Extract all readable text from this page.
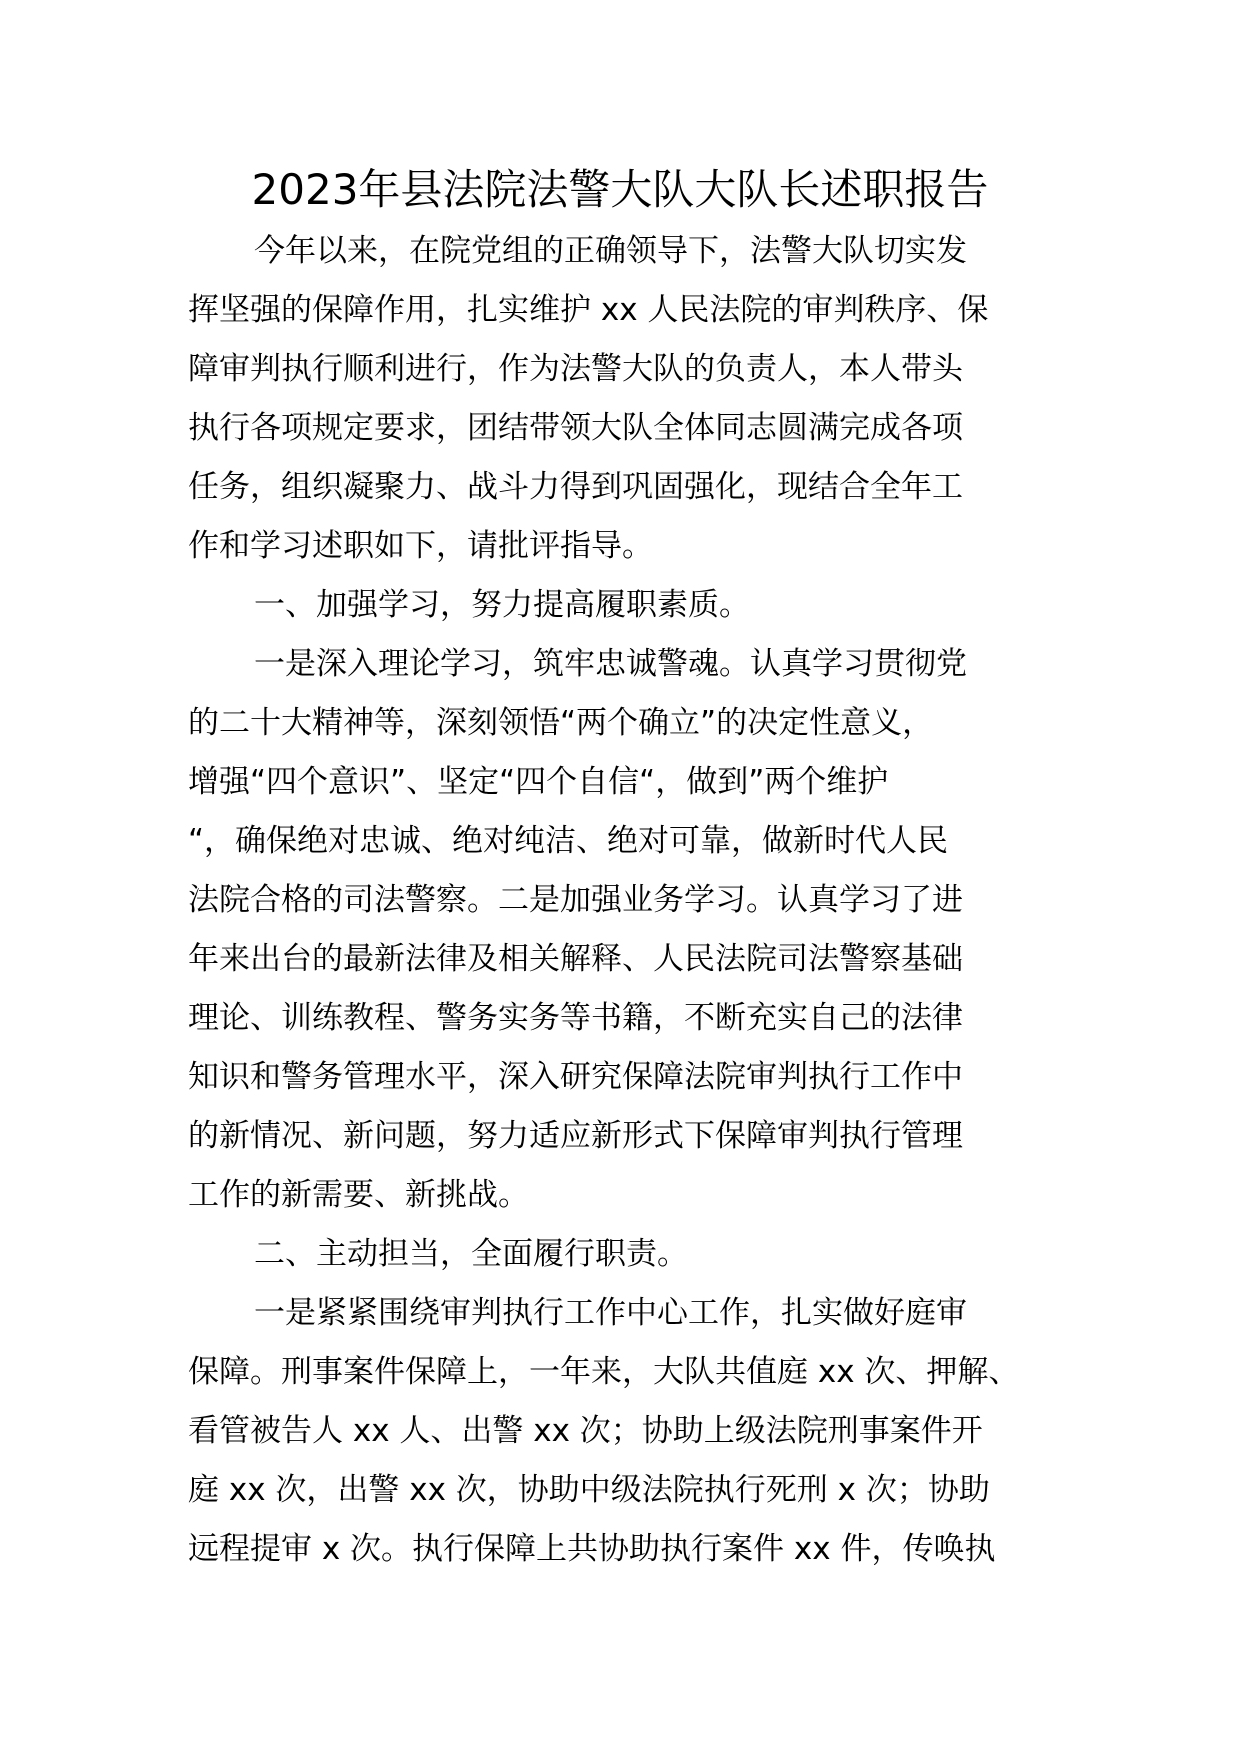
2023年县法院法警大队大队长述职报告
今年以来，在院党组的正确领导下，法警大队切实发
挥坚强的保障作用，扎实维护 xx 人民法院的审判秩序、保
障审判执行顺利进行，作为法警大队的负责人，本人带头
执行各项规定要求，团结带领大队全体同志圆满完成各项
任务，组织凝聚力、战斗力得到巩固强化，现结合全年工
作和学习述职如下，请批评指导。
一、加强学习，努力提高履职素质。
一是深入理论学习，筑牢忠诚警魂。认真学习贯彻党
的二十大精神等，深刻领悟“两个确立”的决定性意义，
增强“四个意识”、坚定“四个自信“，做到”两个维护
“，确保绝对忠诚、绝对纯洁、绝对可靠，做新时代人民
法院合格的司法警察。二是加强业务学习。认真学习了进
年来出台的最新法律及相关解释、人民法院司法警察基础
理论、训练教程、警务实务等书籍，不断充实自己的法律
知识和警务管理水平，深入研究保障法院审判执行工作中
的新情况、新问题，努力适应新形式下保障审判执行管理
工作的新需要、新挑战。
二、主动担当，全面履行职责。
一是紧紧围绕审判执行工作中心工作，扎实做好庭审
保障。刑事案件保障上，一年来，大队共值庭 xx 次、押解、
看管被告人 xx 人、出警 xx 次；协助上级法院刑事案件开
庭 xx 次，出警 xx 次，协助中级法院执行死刑 x 次；协助
远程提审 x 次。执行保障上共协助执行案件 xx 件，传唤执
